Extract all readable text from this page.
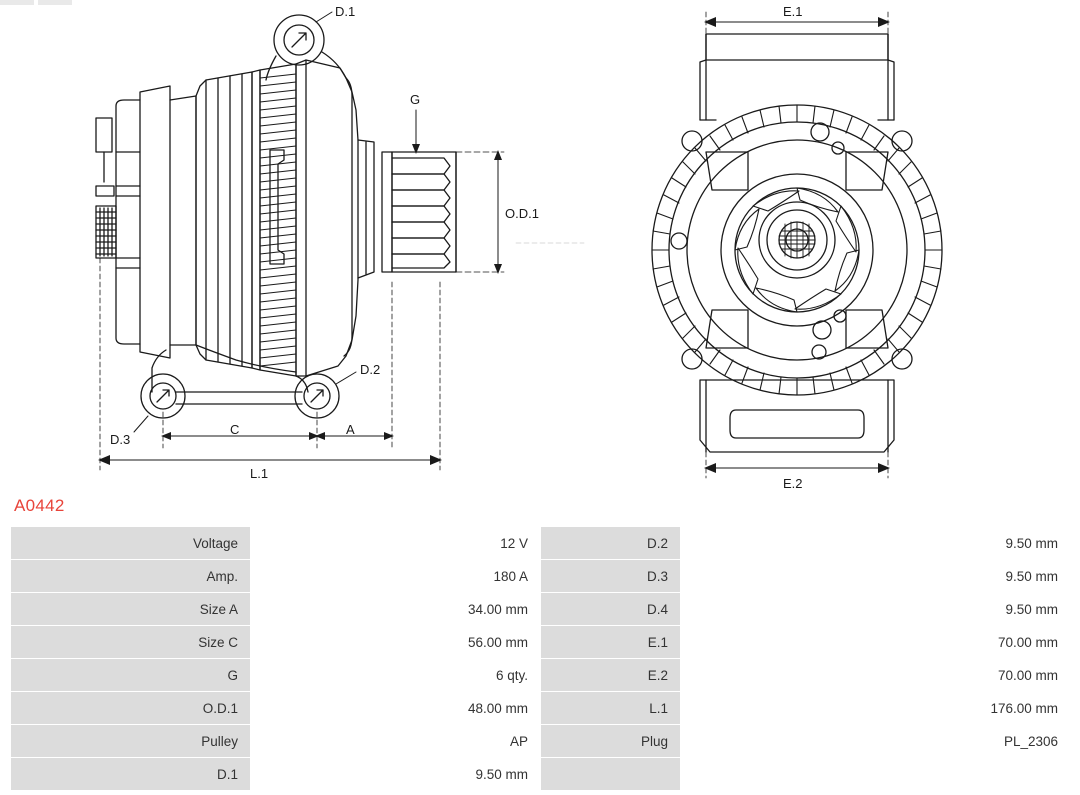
D.1
D.2
D.3
G
O.D.1
A
C
L.1
E.1
E.2
A0442
Voltage	12 V	D.2	9.50 mm
Amp.	180 A	D.3	9.50 mm
Size A	34.00 mm	D.4	9.50 mm
Size C	56.00 mm	E.1	70.00 mm
G	6 qty.	E.2	70.00 mm
O.D.1	48.00 mm	L.1	176.00 mm
Pulley	AP	Plug	PL_2306
D.1	9.50 mm		
